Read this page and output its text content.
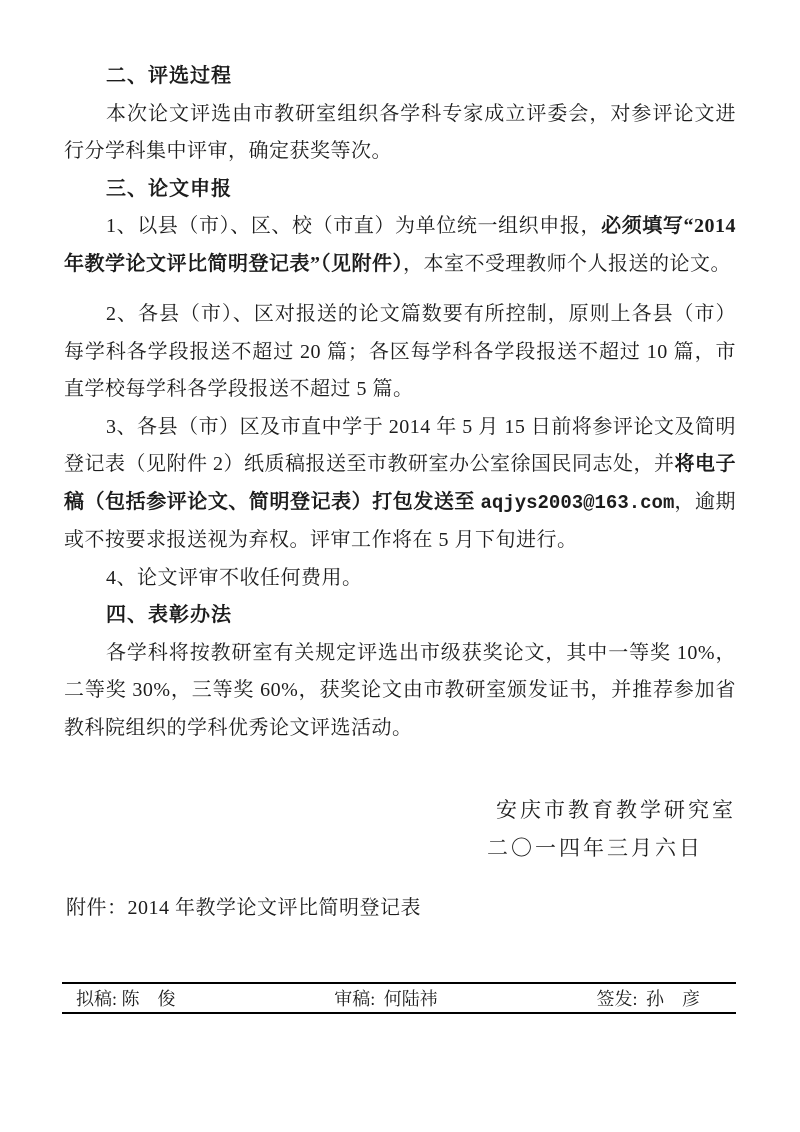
二、评选过程

本次论文评选由市教研室组织各学科专家成立评委会，对参评论文进行分学科集中评审，确定获奖等次。

三、论文申报

1、以县（市）、区、校（市直）为单位统一组织申报，必须填写“2014 年教学论文评比简明登记表”（见附件），本室不受理教师个人报送的论文。

2、各县（市）、区对报送的论文篇数要有所控制，原则上各县（市）每学科各学段报送不超过 20 篇；各区每学科各学段报送不超过 10 篇，市直学校每学科各学段报送不超过 5 篇。

3、各县（市）区及市直中学于 2014 年 5 月 15 日前将参评论文及简明登记表（见附件 2）纸质稿报送至市教研室办公室徐国民同志处，并将电子稿（包括参评论文、简明登记表）打包发送至 aqjys2003@163.com，逾期或不按要求报送视为弃权。评审工作将在 5 月下旬进行。

4、论文评审不收任何费用。

四、表彰办法

各学科将按教研室有关规定评选出市级获奖论文，其中一等奖 10%，二等奖 30%，三等奖 60%，获奖论文由市教研室颁发证书，并推荐参加省教科院组织的学科优秀论文评选活动。

安庆市教育教学研究室
二〇一四年三月六日
附件：2014 年教学论文评比简明登记表
拟稿: 陈　俊	审稿: 何陆祎	签发: 孙　彦
